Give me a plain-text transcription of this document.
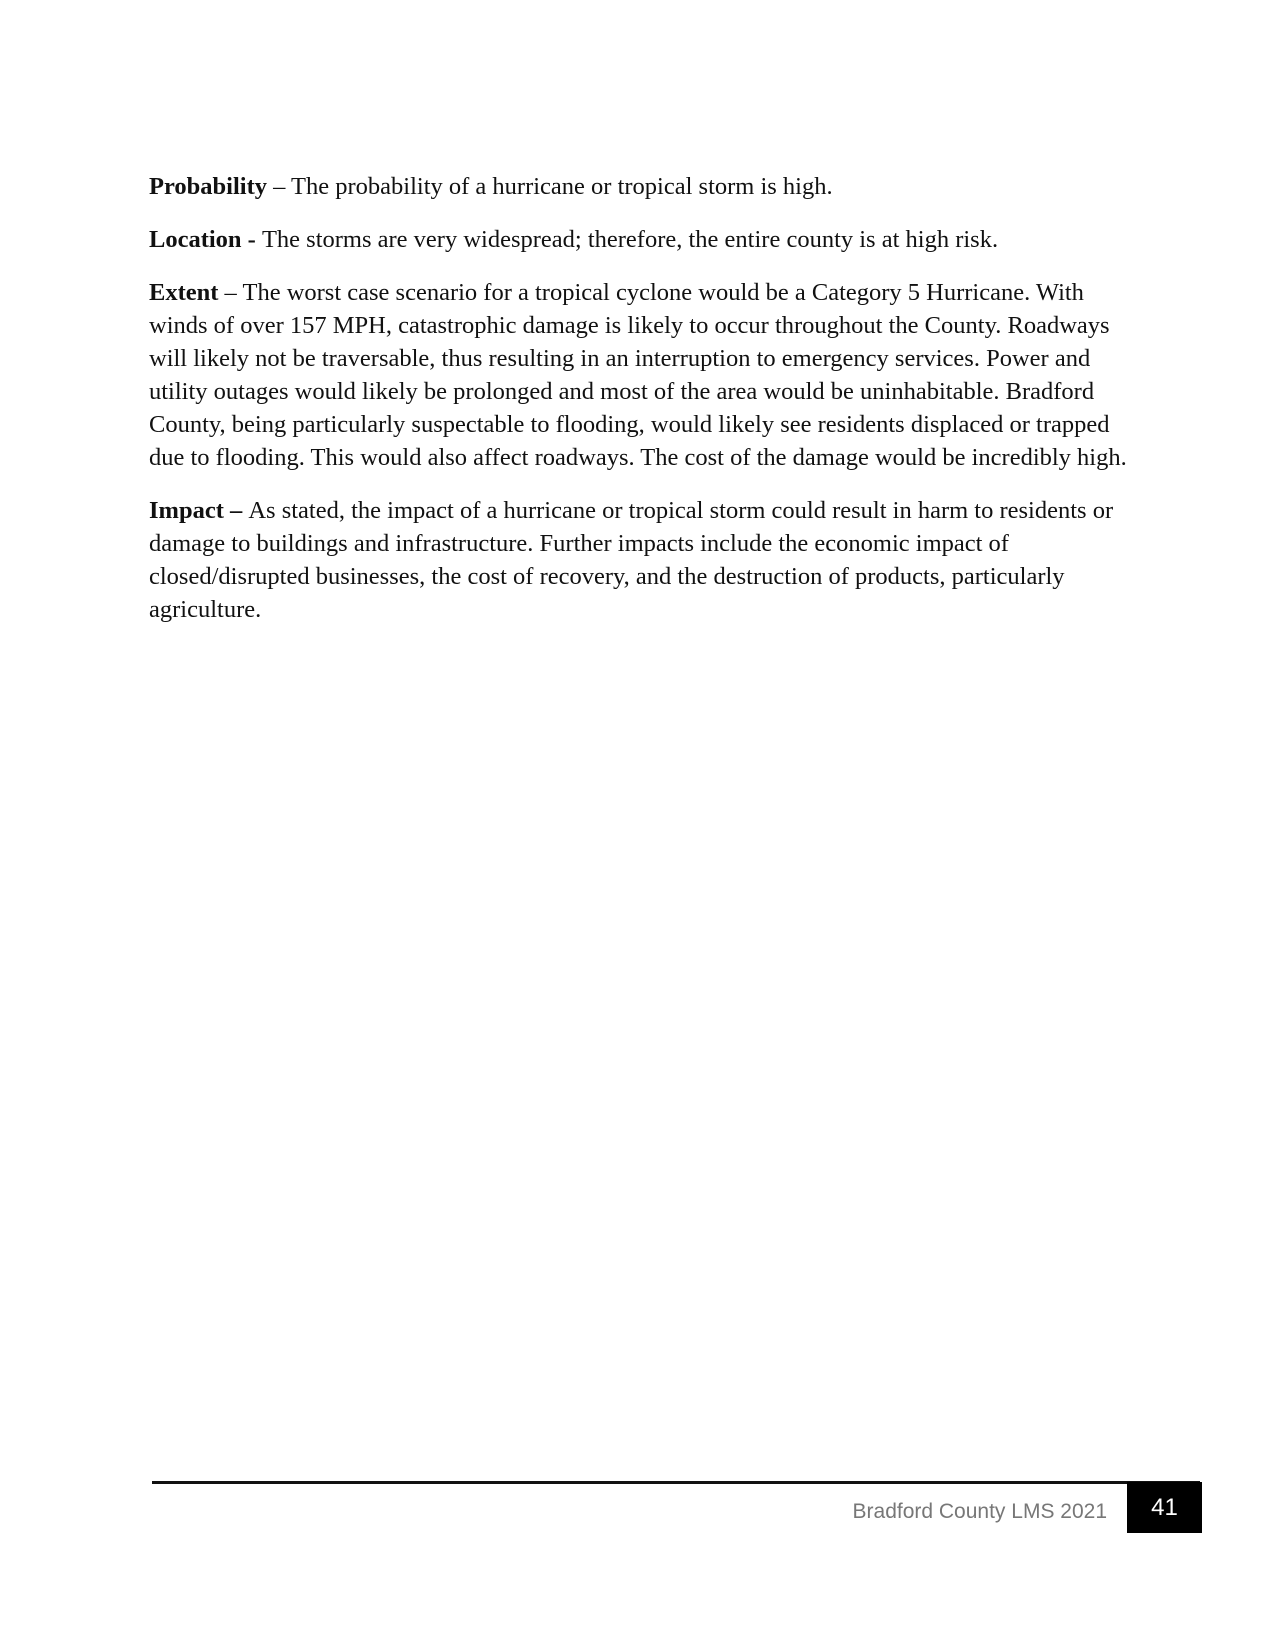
Probability – The probability of a hurricane or tropical storm is high.

Location - The storms are very widespread; therefore, the entire county is at high risk.

Extent – The worst case scenario for a tropical cyclone would be a Category 5 Hurricane. With winds of over 157 MPH, catastrophic damage is likely to occur throughout the County. Roadways will likely not be traversable, thus resulting in an interruption to emergency services. Power and utility outages would likely be prolonged and most of the area would be uninhabitable. Bradford County, being particularly suspectable to flooding, would likely see residents displaced or trapped due to flooding. This would also affect roadways. The cost of the damage would be incredibly high.

Impact – As stated, the impact of a hurricane or tropical storm could result in harm to residents or damage to buildings and infrastructure. Further impacts include the economic impact of closed/disrupted businesses, the cost of recovery, and the destruction of products, particularly agriculture.

Bradford County LMS 2021 41
